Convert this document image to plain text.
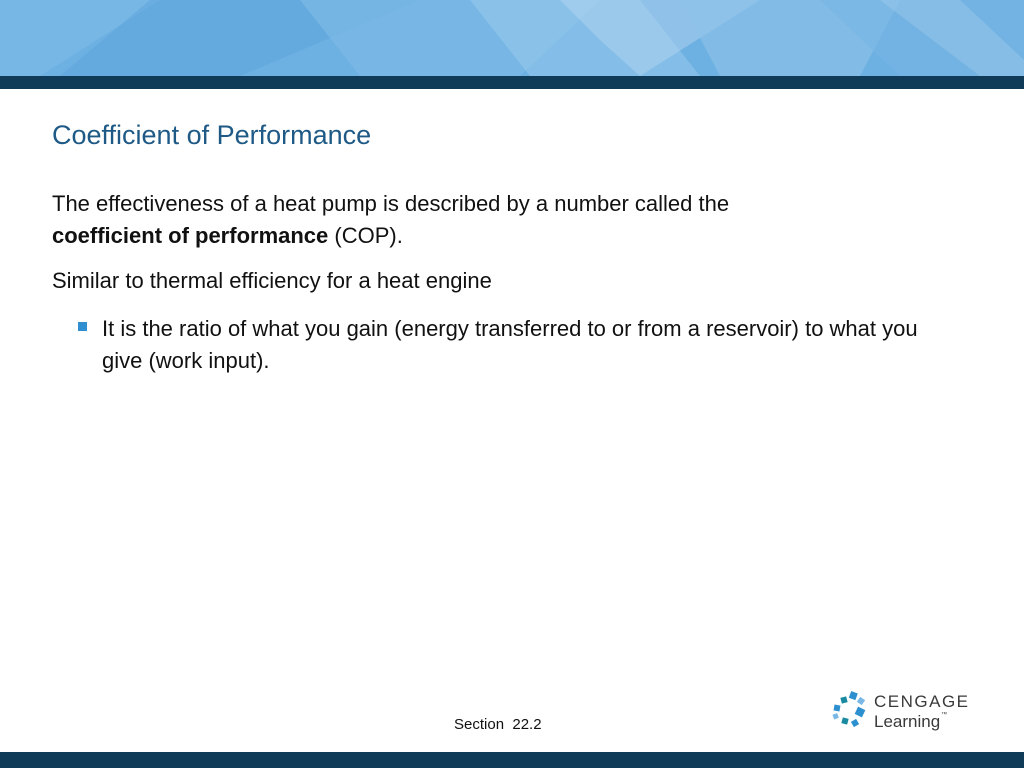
Coefficient of Performance
The effectiveness of a heat pump is described by a number called the
coefficient of performance (COP).
Similar to thermal efficiency for a heat engine
It is the ratio of what you gain (energy transferred to or from a reservoir) to what you give (work input).
Section  22.2
CENGAGE
Learning™
